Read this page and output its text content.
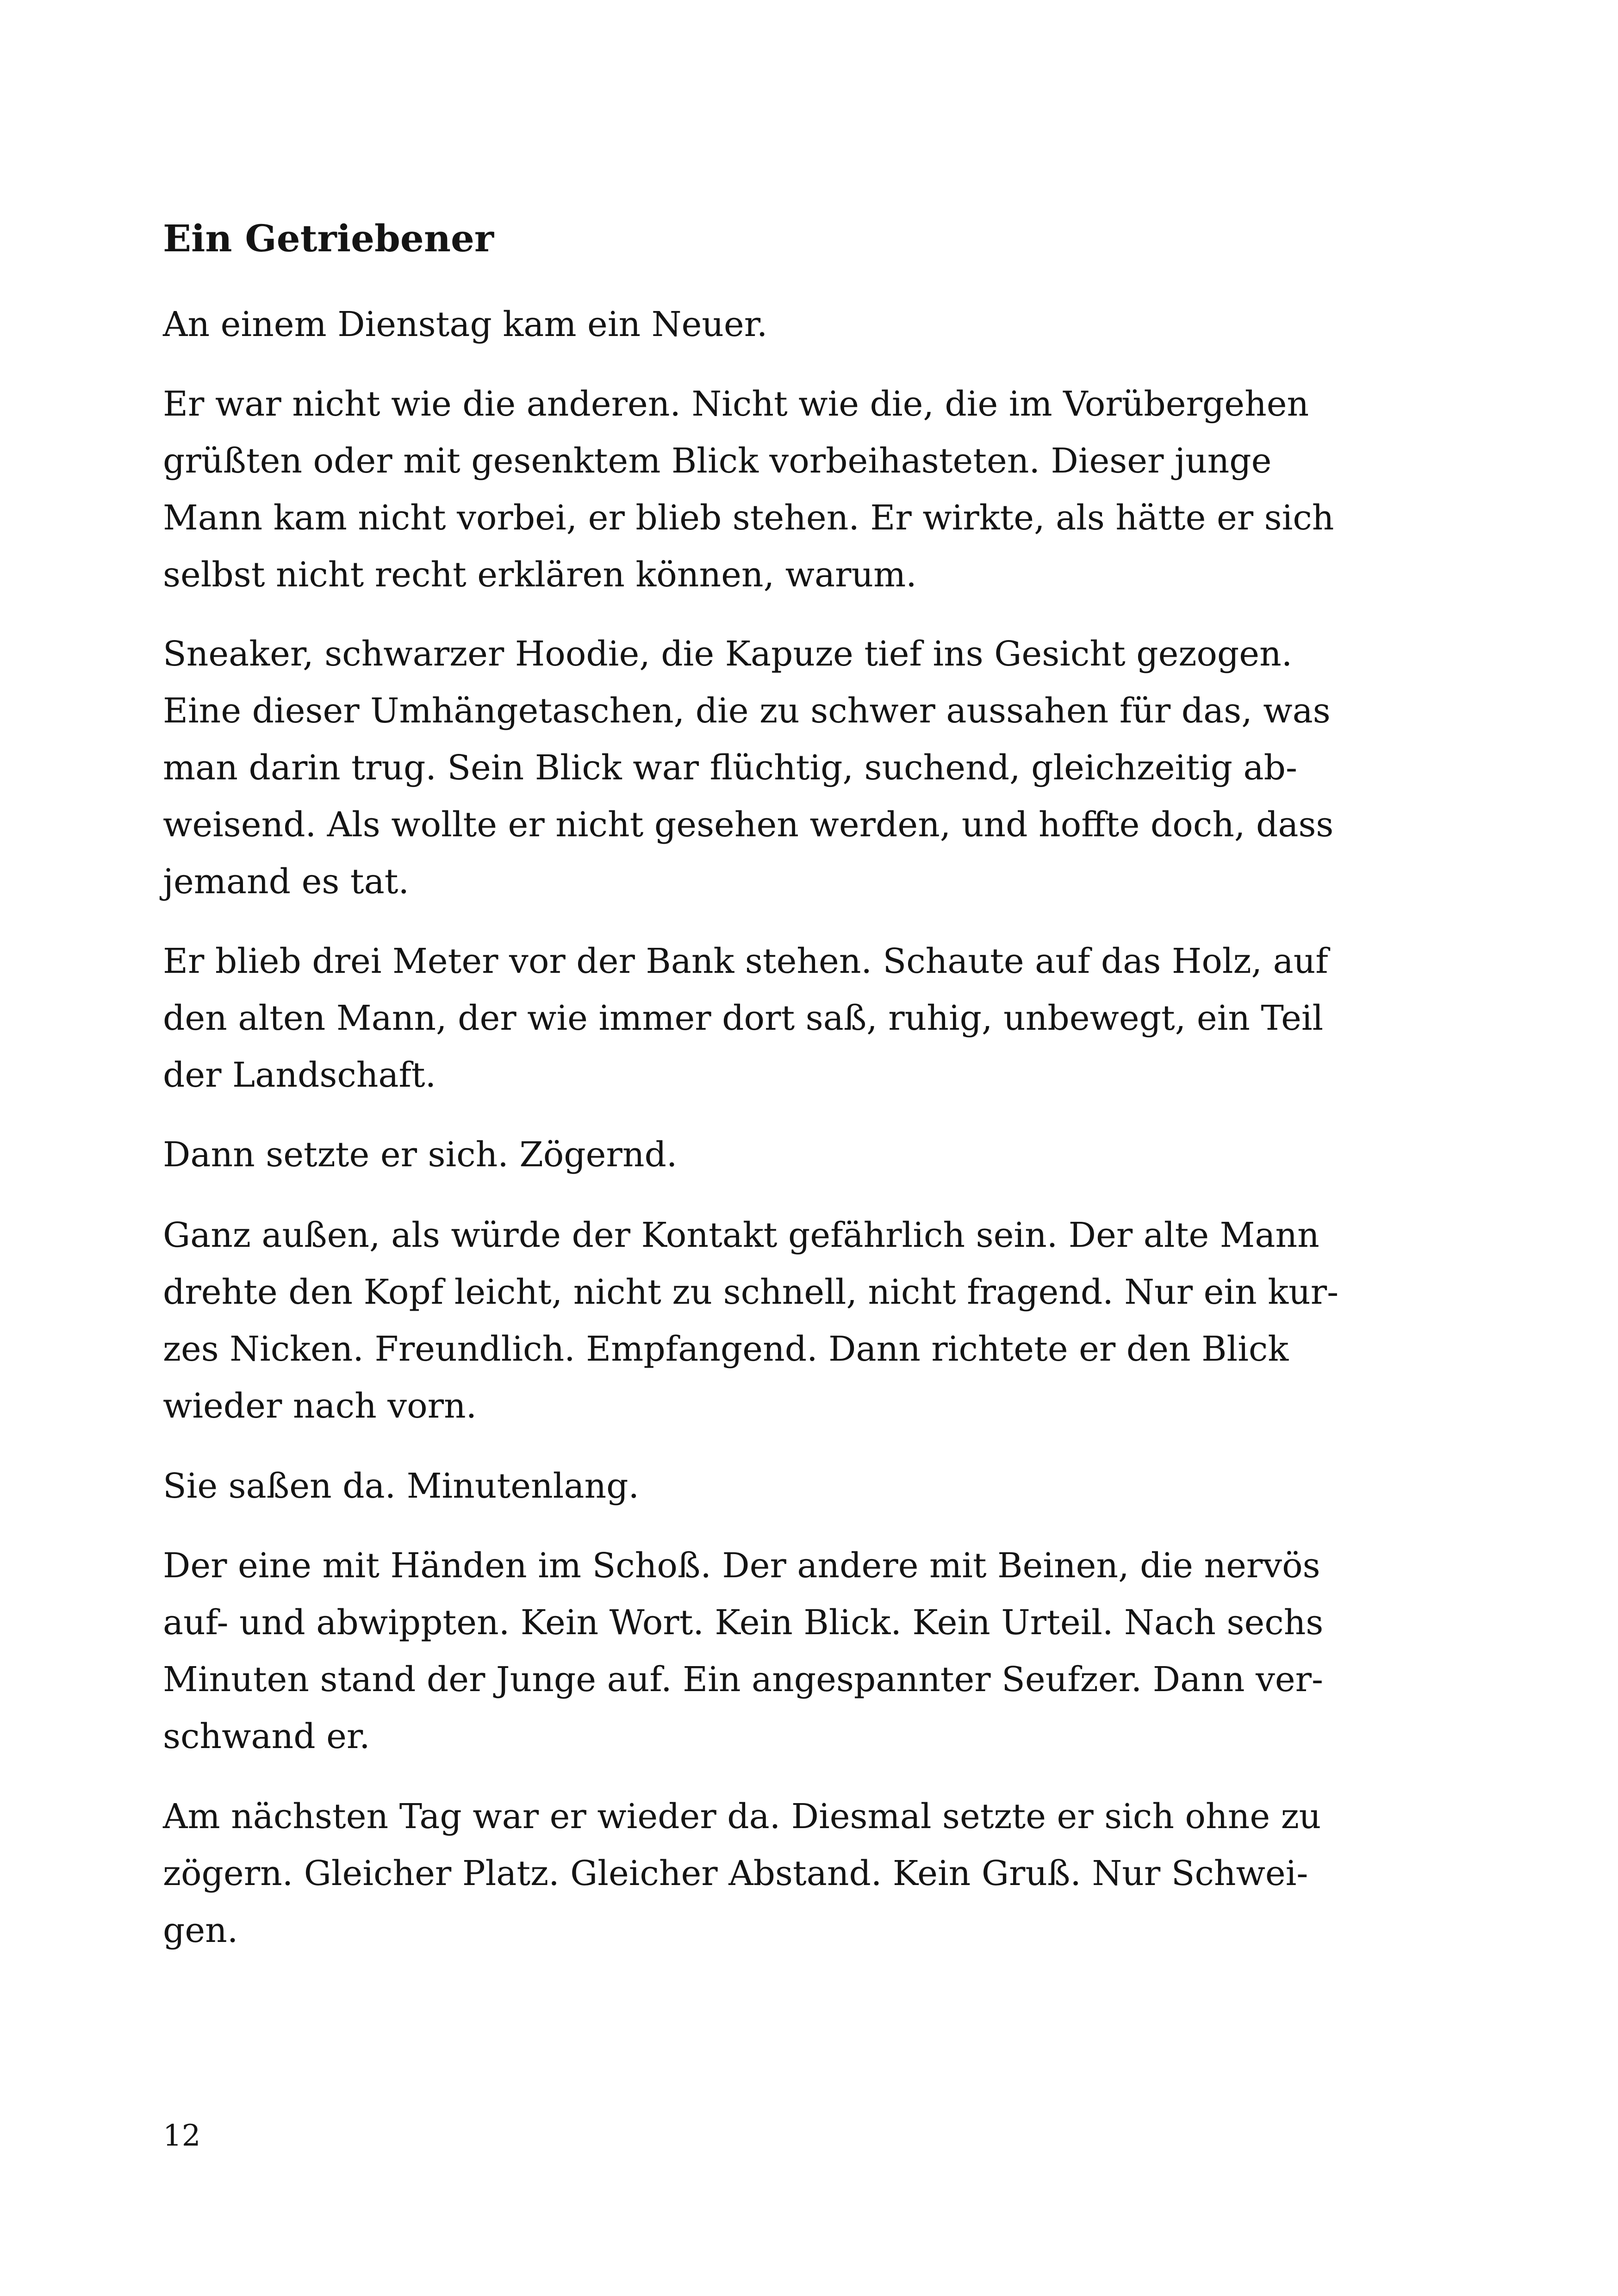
Ein Getriebener

An einem Dienstag kam ein Neuer.

Er war nicht wie die anderen. Nicht wie die, die im Vorübergehen
grüßten oder mit gesenktem Blick vorbeihasteten. Dieser junge
Mann kam nicht vorbei, er blieb stehen. Er wirkte, als hätte er sich
selbst nicht recht erklären können, warum.

Sneaker, schwarzer Hoodie, die Kapuze tief ins Gesicht gezogen.
Eine dieser Umhängetaschen, die zu schwer aussahen für das, was
man darin trug. Sein Blick war flüchtig, suchend, gleichzeitig ab-
weisend. Als wollte er nicht gesehen werden, und hoffte doch, dass
jemand es tat.

Er blieb drei Meter vor der Bank stehen. Schaute auf das Holz, auf
den alten Mann, der wie immer dort saß, ruhig, unbewegt, ein Teil
der Landschaft.

Dann setzte er sich. Zögernd.

Ganz außen, als würde der Kontakt gefährlich sein. Der alte Mann
drehte den Kopf leicht, nicht zu schnell, nicht fragend. Nur ein kur-
zes Nicken. Freundlich. Empfangend. Dann richtete er den Blick
wieder nach vorn.

Sie saßen da. Minutenlang.

Der eine mit Händen im Schoß. Der andere mit Beinen, die nervös
auf- und abwippten. Kein Wort. Kein Blick. Kein Urteil. Nach sechs
Minuten stand der Junge auf. Ein angespannter Seufzer. Dann ver-
schwand er.

Am nächsten Tag war er wieder da. Diesmal setzte er sich ohne zu
zögern. Gleicher Platz. Gleicher Abstand. Kein Gruß. Nur Schwei-
gen.

12
